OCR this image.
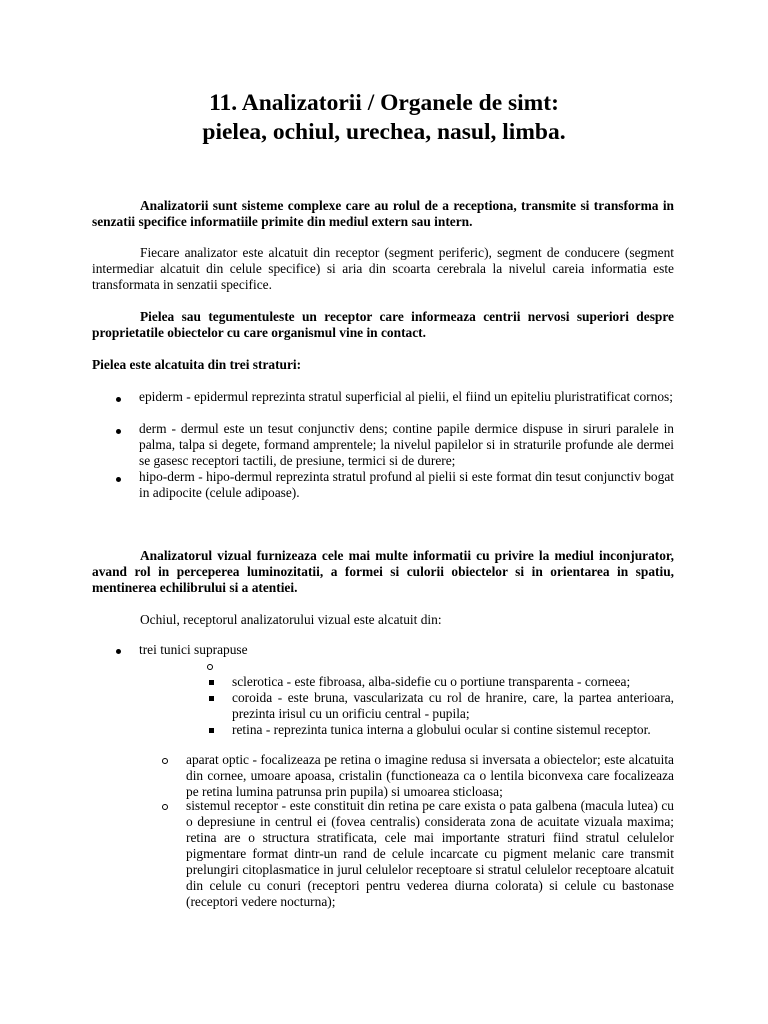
11. Analizatorii / Organele de simt:
pielea, ochiul, urechea, nasul, limba.

Analizatorii sunt sisteme complexe care au rolul de a receptiona, transmite si transforma in senzatii specifice informatiile primite din mediul extern sau intern.

Fiecare analizator este alcatuit din receptor (segment periferic), segment de conducere (segment intermediar alcatuit din celule specifice) si aria din scoarta cerebrala la nivelul careia informatia este transformata in senzatii specifice.

Pielea sau tegumentuleste un receptor care informeaza centrii nervosi superiori despre proprietatile obiectelor cu care organismul vine in contact.

Pielea este alcatuita din trei straturi:

epiderm - epidermul reprezinta stratul superficial al pielii, el fiind un epiteliu pluristratificat cornos;

derm - dermul este un tesut conjunctiv dens; contine papile dermice dispuse in siruri paralele in palma, talpa si degete, formand amprentele; la nivelul papilelor si in straturile profunde ale dermei se gasesc receptori tactili, de presiune, termici si de durere;

hipo-derm - hipo-dermul reprezinta stratul profund al pielii si este format din tesut conjunctiv bogat in adipocite (celule adipoase).

Analizatorul vizual furnizeaza cele mai multe informatii cu privire la mediul inconjurator, avand rol in perceperea luminozitatii, a formei si culorii obiectelor si in orientarea in spatiu, mentinerea echilibrului si a atentiei.

Ochiul, receptorul analizatorului vizual este alcatuit din:

trei tunici suprapuse

sclerotica - este fibroasa, alba-sidefie cu o portiune transparenta - corneea;

coroida - este bruna, vascularizata cu rol de hranire, care, la partea anterioara, prezinta irisul cu un orificiu central - pupila;

retina - reprezinta tunica interna a globului ocular si contine sistemul receptor.

aparat optic - focalizeaza pe retina o imagine redusa si inversata a obiectelor; este alcatuita din cornee, umoare apoasa, cristalin (functioneaza ca o lentila biconvexa care focalizeaza pe retina lumina patrunsa prin pupila) si umoarea sticloasa;

sistemul receptor - este constituit din retina pe care exista o pata galbena (macula lutea) cu o depresiune in centrul ei (fovea centralis) considerata zona de acuitate vizuala maxima; retina are o structura stratificata, cele mai importante straturi fiind stratul celulelor pigmentare format dintr-un rand de celule incarcate cu pigment melanic care transmit prelungiri citoplasmatice in jurul celulelor receptoare si stratul celulelor receptoare alcatuit din celule cu conuri (receptori pentru vederea diurna colorata) si celule cu bastonase (receptori vedere nocturna);
